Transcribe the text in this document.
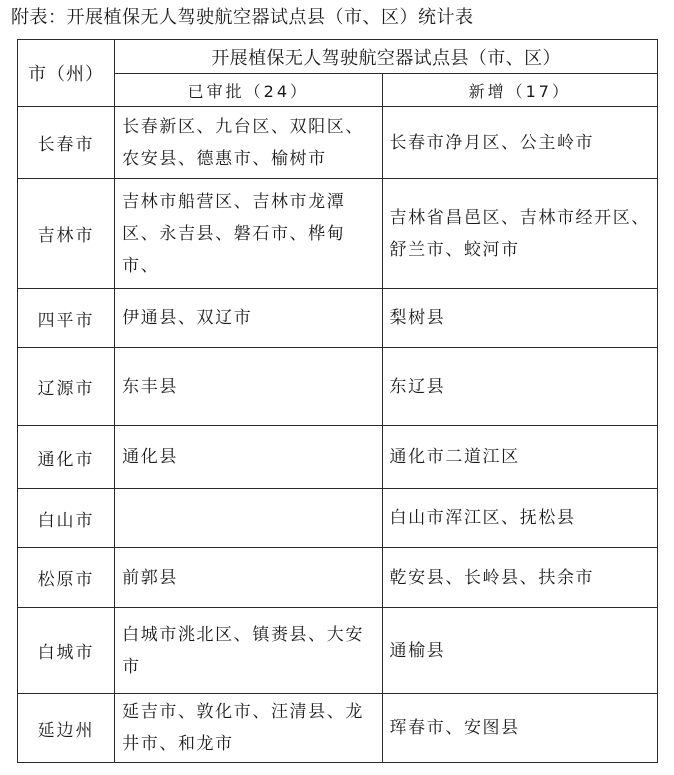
附表：开展植保无人驾驶航空器试点县（市、区）统计表
市（州）	开展植保无人驾驶航空器试点县（市、区）	
	已审批（24）	新增（17）
长春市	长春新区、九台区、双阳区、农安县、德惠市、榆树市	长春市净月区、公主岭市
吉林市	吉林市船营区、吉林市龙潭区、永吉县、磐石市、桦甸市、	吉林省昌邑区、吉林市经开区、舒兰市、蛟河市
四平市	伊通县、双辽市	梨树县
辽源市	东丰县	东辽县
通化市	通化县	通化市二道江区
白山市		白山市浑江区、抚松县
松原市	前郭县	乾安县、长岭县、扶余市
白城市	白城市洮北区、镇赉县、大安市	通榆县
延边州	延吉市、敦化市、汪清县、龙井市、和龙市	珲春市、安图县
